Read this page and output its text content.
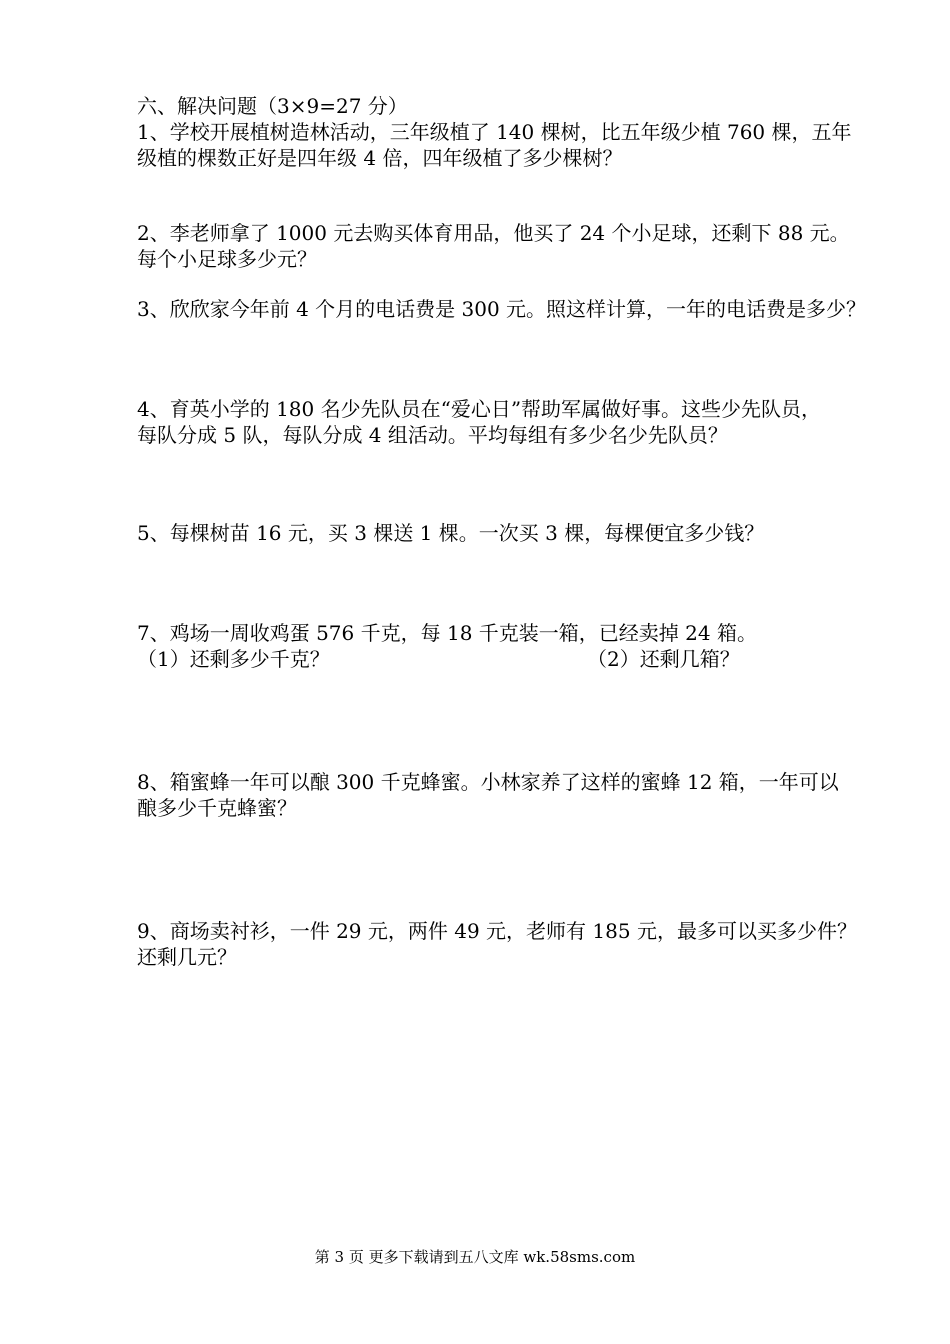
六、解决问题（3×9=27 分）
1、学校开展植树造林活动，三年级植了 140 棵树，比五年级少植 760 棵，五年
级植的棵数正好是四年级 4 倍，四年级植了多少棵树？
2、李老师拿了 1000 元去购买体育用品，他买了 24 个小足球，还剩下 88 元。
每个小足球多少元？
3、欣欣家今年前 4 个月的电话费是 300 元。照这样计算，一年的电话费是多少？
4、育英小学的 180 名少先队员在“爱心日”帮助军属做好事。这些少先队员，
每队分成 5 队，每队分成 4 组活动。平均每组有多少名少先队员？
5、每棵树苗 16 元，买 3 棵送 1 棵。一次买 3 棵，每棵便宜多少钱？
7、鸡场一周收鸡蛋 576 千克，每 18 千克装一箱，已经卖掉 24 箱。
（1）还剩多少千克？	（2）还剩几箱？
8、箱蜜蜂一年可以酿 300 千克蜂蜜。小林家养了这样的蜜蜂 12 箱，一年可以
酿多少千克蜂蜜？
9、商场卖衬衫，一件 29 元，两件 49 元，老师有 185 元，最多可以买多少件？
还剩几元？
第 3 页 更多下载请到五八文库 wk.58sms.com
